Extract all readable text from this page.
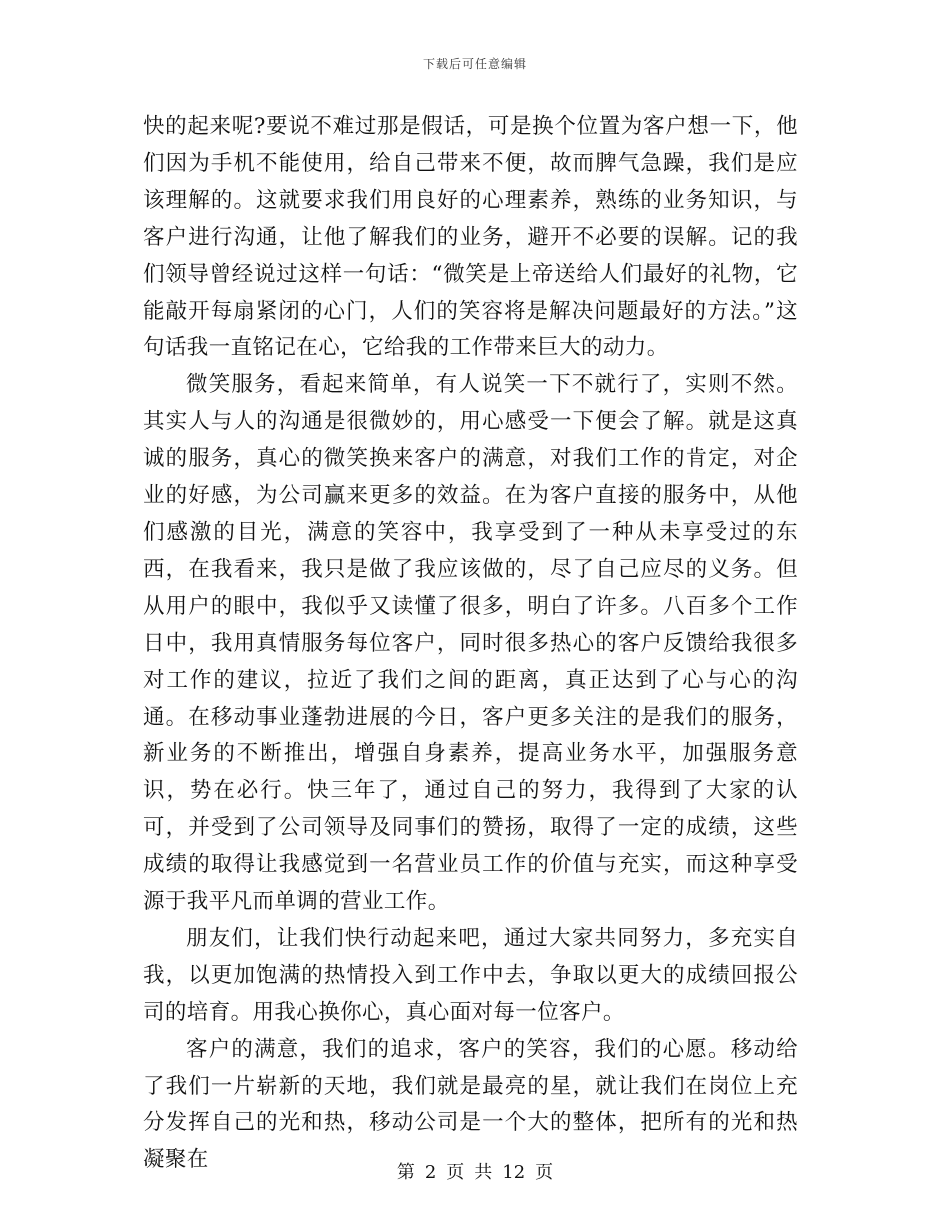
下载后可任意编辑

快的起来呢?要说不难过那是假话，可是换个位置为客户想一下，他们因为手机不能使用，给自己带来不便，故而脾气急躁，我们是应该理解的。这就要求我们用良好的心理素养，熟练的业务知识，与客户进行沟通，让他了解我们的业务，避开不必要的误解。记的我们领导曾经说过这样一句话：“微笑是上帝送给人们最好的礼物，它能敲开每扇紧闭的心门，人们的笑容将是解决问题最好的方法。”这句话我一直铭记在心，它给我的工作带来巨大的动力。

微笑服务，看起来简单，有人说笑一下不就行了，实则不然。其实人与人的沟通是很微妙的，用心感受一下便会了解。就是这真诚的服务，真心的微笑换来客户的满意，对我们工作的肯定，对企业的好感，为公司赢来更多的效益。在为客户直接的服务中，从他们感激的目光，满意的笑容中，我享受到了一种从未享受过的东西，在我看来，我只是做了我应该做的，尽了自己应尽的义务。但从用户的眼中，我似乎又读懂了很多，明白了许多。八百多个工作日中，我用真情服务每位客户，同时很多热心的客户反馈给我很多对工作的建议，拉近了我们之间的距离，真正达到了心与心的沟通。在移动事业蓬勃进展的今日，客户更多关注的是我们的服务，新业务的不断推出，增强自身素养，提高业务水平，加强服务意识，势在必行。快三年了，通过自己的努力，我得到了大家的认可，并受到了公司领导及同事们的赞扬，取得了一定的成绩，这些成绩的取得让我感觉到一名营业员工作的价值与充实，而这种享受源于我平凡而单调的营业工作。

朋友们，让我们快行动起来吧，通过大家共同努力，多充实自我，以更加饱满的热情投入到工作中去，争取以更大的成绩回报公司的培育。用我心换你心，真心面对每一位客户。

客户的满意，我们的追求，客户的笑容，我们的心愿。移动给了我们一片崭新的天地，我们就是最亮的星，就让我们在岗位上充分发挥自己的光和热，移动公司是一个大的整体，把所有的光和热凝聚在

第 2 页 共 12 页
